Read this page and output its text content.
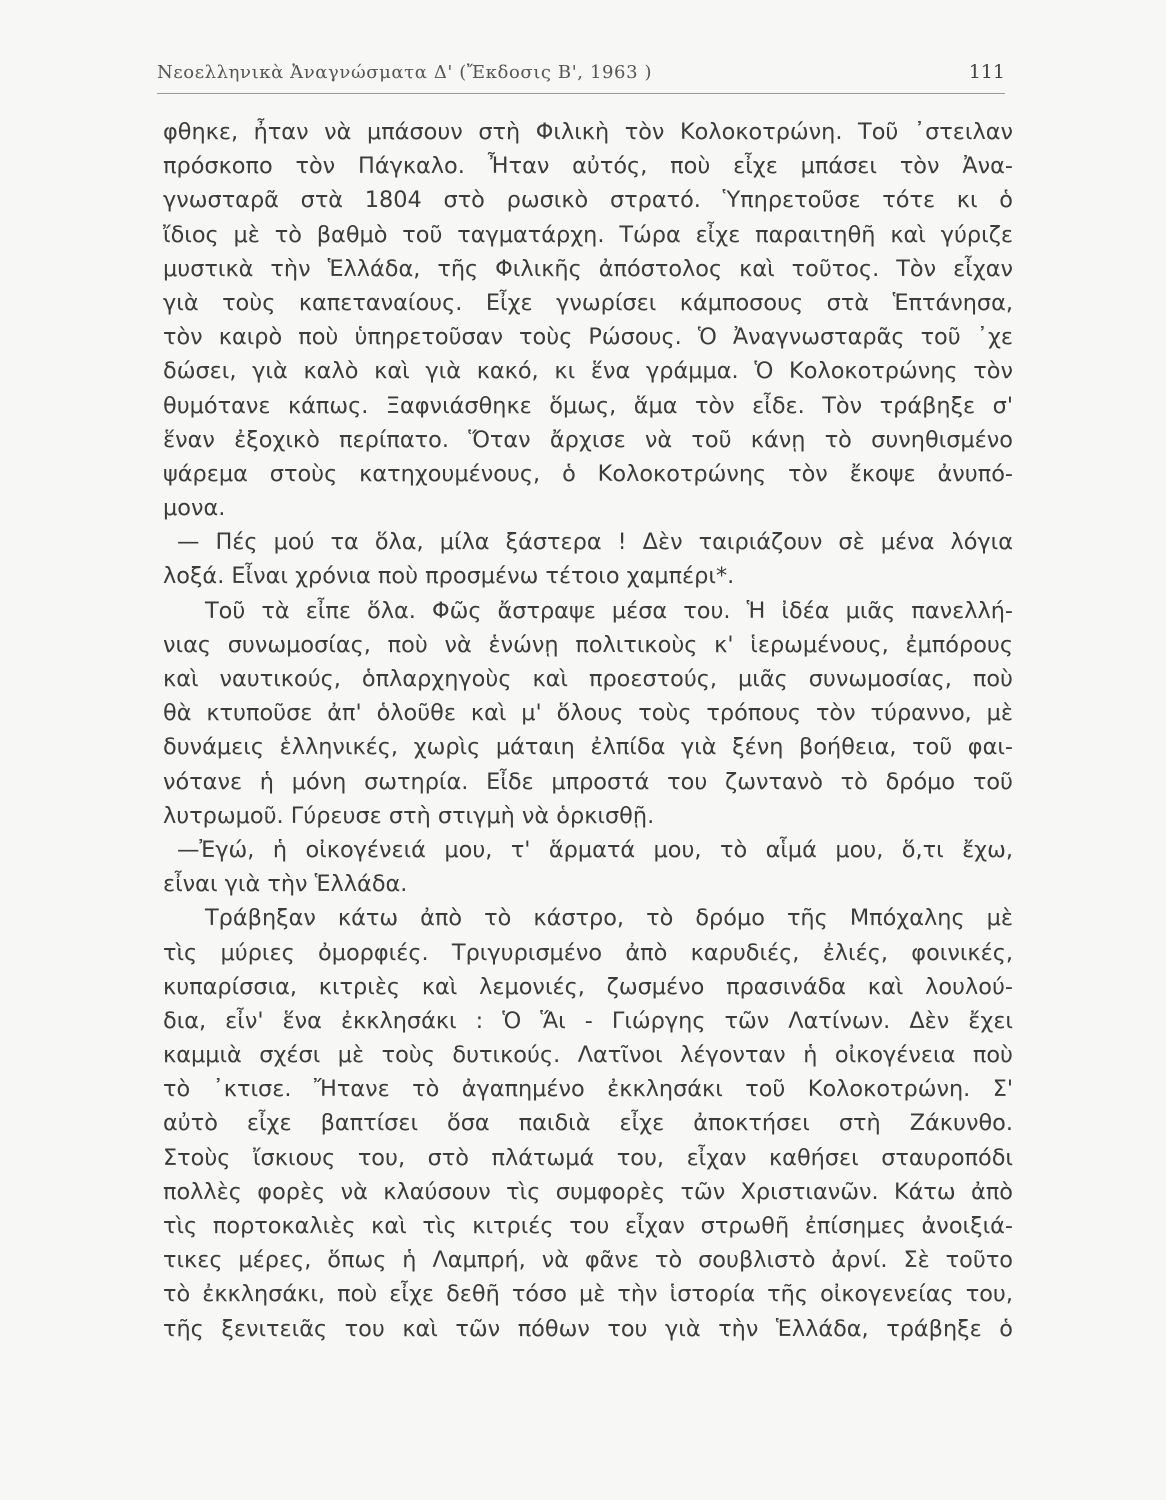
Νεοελληνικὰ Ἀναγνώσματα Δ' (Ἔκδοσις Β', 1963 )	111
φθηκε, ἦταν νὰ μπάσουν στὴ Φιλικὴ τὸν Κολοκοτρώνη. Τοῦ ᾿στειλαν
πρόσκοπο τὸν Πάγκαλο. Ἦταν αὐτός, ποὺ εἶχε μπάσει τὸν Ἀνα-
γνωσταρᾶ στὰ 1804 στὸ ρωσικὸ στρατό. Ὑπηρετοῦσε τότε κι ὁ
ἴδιος μὲ τὸ βαθμὸ τοῦ ταγματάρχη. Τώρα εἶχε παραιτηθῆ καὶ γύριζε
μυστικὰ τὴν Ἑλλάδα, τῆς Φιλικῆς ἀπόστολος καὶ τοῦτος. Τὸν εἶχαν
γιὰ τοὺς καπεταναίους. Εἶχε γνωρίσει κάμποσους στὰ Ἑπτάνησα,
τὸν καιρὸ ποὺ ὑπηρετοῦσαν τοὺς Ρώσους. Ὁ Ἀναγνωσταρᾶς τοῦ ᾿χε
δώσει, γιὰ καλὸ καὶ γιὰ κακό, κι ἕνα γράμμα. Ὁ Κολοκοτρώνης τὸν
θυμότανε κάπως. Ξαφνιάσθηκε ὅμως, ἅμα τὸν εἶδε. Τὸν τράβηξε σ'
ἕναν ἐξοχικὸ περίπατο. Ὅταν ἄρχισε νὰ τοῦ κάνῃ τὸ συνηθισμένο
ψάρεμα στοὺς κατηχουμένους, ὁ Κολοκοτρώνης τὸν ἔκοψε ἀνυπό-
μονα.
— Πές μού τα ὅλα, μίλα ξάστερα ! Δὲν ταιριάζουν σὲ μένα λόγια
λοξά. Εἶναι χρόνια ποὺ προσμένω τέτοιο χαμπέρι*.
Τοῦ τὰ εἶπε ὅλα. Φῶς ἄστραψε μέσα του. Ἡ ἰδέα μιᾶς πανελλή-
νιας συνωμοσίας, ποὺ νὰ ἑνώνῃ πολιτικοὺς κ' ἱερωμένους, ἐμπόρους
καὶ ναυτικούς, ὁπλαρχηγοὺς καὶ προεστούς, μιᾶς συνωμοσίας, ποὺ
θὰ κτυποῦσε ἀπ' ὁλοῦθε καὶ μ' ὅλους τοὺς τρόπους τὸν τύραννο, μὲ
δυνάμεις ἑλληνικές, χωρὶς μάταιη ἐλπίδα γιὰ ξένη βοήθεια, τοῦ φαι-
νότανε ἡ μόνη σωτηρία. Εἶδε μπροστά του ζωντανὸ τὸ δρόμο τοῦ
λυτρωμοῦ. Γύρευσε στὴ στιγμὴ νὰ ὁρκισθῇ.
—Ἐγώ, ἡ οἰκογένειά μου, τ' ἅρματά μου, τὸ αἷμά μου, ὅ,τι ἔχω,
εἶναι γιὰ τὴν Ἑλλάδα.
Τράβηξαν κάτω ἀπὸ τὸ κάστρο, τὸ δρόμο τῆς Μπόχαλης μὲ
τὶς μύριες ὀμορφιές. Τριγυρισμένο ἀπὸ καρυδιές, ἐλιές, φοινικές,
κυπαρίσσια, κιτριὲς καὶ λεμονιές, ζωσμένο πρασινάδα καὶ λουλού-
δια, εἶν' ἕνα ἐκκλησάκι : Ὁ Ἅι - Γιώργης τῶν Λατίνων. Δὲν ἔχει
καμμιὰ σχέσι μὲ τοὺς δυτικούς. Λατῖνοι λέγονταν ἡ οἰκογένεια ποὺ
τὸ ᾿κτισε. Ἤτανε τὸ ἀγαπημένο ἐκκλησάκι τοῦ Κολοκοτρώνη. Σ'
αὐτὸ εἶχε βαπτίσει ὅσα παιδιὰ εἶχε ἀποκτήσει στὴ Ζάκυνθο.
Στοὺς ἴσκιους του, στὸ πλάτωμά του, εἶχαν καθήσει σταυροπόδι
πολλὲς φορὲς νὰ κλαύσουν τὶς συμφορὲς τῶν Χριστιανῶν. Κάτω ἀπὸ
τὶς πορτοκαλιὲς καὶ τὶς κιτριές του εἶχαν στρωθῆ ἐπίσημες ἀνοιξιά-
τικες μέρες, ὅπως ἡ Λαμπρή, νὰ φᾶνε τὸ σουβλιστὸ ἀρνί. Σὲ τοῦτο
τὸ ἐκκλησάκι, ποὺ εἶχε δεθῆ τόσο μὲ τὴν ἱστορία τῆς οἰκογενείας του,
τῆς ξενιτειᾶς του καὶ τῶν πόθων του γιὰ τὴν Ἑλλάδα, τράβηξε ὁ
